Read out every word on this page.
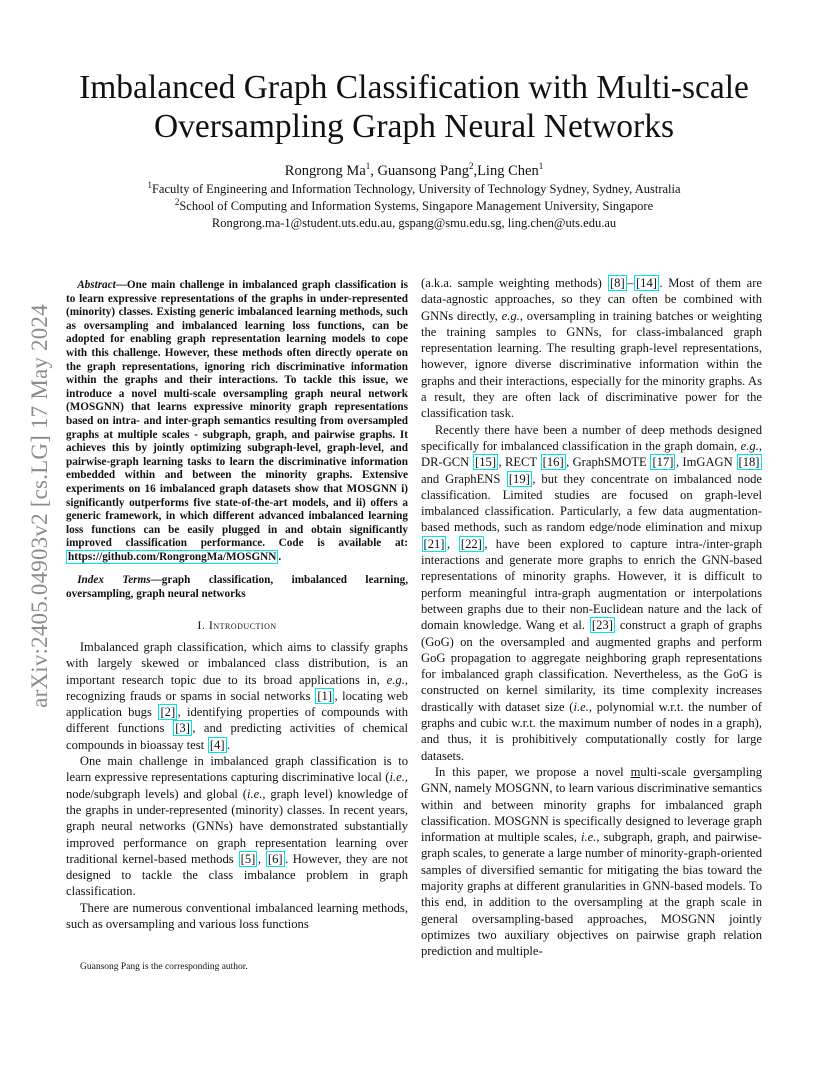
arXiv:2405.04903v2 [cs.LG] 17 May 2024
Imbalanced Graph Classification with Multi-scale
Oversampling Graph Neural Networks
Rongrong Ma$^1$, Guansong Pang$^2$,Ling Chen$^1$
$^1$Faculty of Engineering and Information Technology, University of Technology Sydney, Sydney, Australia
$^2$School of Computing and Information Systems, Singapore Management University, Singapore
Rongrong.ma-1@student.uts.edu.au, gspang@smu.edu.sg, ling.chen@uts.edu.au

Abstract—One main challenge in imbalanced graph classification is to learn expressive representations of the graphs in under-represented (minority) classes. Existing generic imbalanced learning methods, such as oversampling and imbalanced learning loss functions, can be adopted for enabling graph representation learning models to cope with this challenge. However, these methods often directly operate on the graph representations, ignoring rich discriminative information within the graphs and their interactions. To tackle this issue, we introduce a novel multi-scale oversampling graph neural network (MOSGNN) that learns expressive minority graph representations based on intra- and inter-graph semantics resulting from oversampled graphs at multiple scales - subgraph, graph, and pairwise graphs. It achieves this by jointly optimizing subgraph-level, graph-level, and pairwise-graph learning tasks to learn the discriminative information embedded within and between the minority graphs. Extensive experiments on 16 imbalanced graph datasets show that MOSGNN i) significantly outperforms five state-of-the-art models, and ii) offers a generic framework, in which different advanced imbalanced learning loss functions can be easily plugged in and obtain significantly improved classification performance. Code is available at: https://github.com/RongrongMa/MOSGNN .

Index Terms—graph classification, imbalanced learning, oversampling, graph neural networks

I. Introduction

Imbalanced graph classification, which aims to classify graphs with largely skewed or imbalanced class distribution, is an important research topic due to its broad applications in, e.g., recognizing frauds or spams in social networks [1] , locating web application bugs [2] , identifying properties of compounds with different functions [3] , and predicting activities of chemical compounds in bioassay test [4] .

One main challenge in imbalanced graph classification is to learn expressive representations capturing discriminative local (i.e., node/subgraph levels) and global (i.e., graph level) knowledge of the graphs in under-represented (minority) classes. In recent years, graph neural networks (GNNs) have demonstrated substantially improved performance on graph representation learning over traditional kernel-based methods [5] , [6] . However, they are not designed to tackle the class imbalance problem in graph classification.

There are numerous conventional imbalanced learning methods, such as oversampling and various loss functions

Guansong Pang is the corresponding author.

(a.k.a. sample weighting methods) [8] – [14] . Most of them are data-agnostic approaches, so they can often be combined with GNNs directly, e.g., oversampling in training batches or weighting the training samples to GNNs, for class-imbalanced graph representation learning. The resulting graph-level representations, however, ignore diverse discriminative information within the graphs and their interactions, especially for the minority graphs. As a result, they are often lack of discriminative power for the classification task.

Recently there have been a number of deep methods designed specifically for imbalanced classification in the graph domain, e.g., DR-GCN [15] , RECT [16] , GraphSMOTE [17] , ImGAGN [18] and GraphENS [19] , but they concentrate on imbalanced node classification. Limited studies are focused on graph-level imbalanced classification. Particularly, a few data augmentation-based methods, such as random edge/node elimination and mixup [21] , [22] , have been explored to capture intra-/inter-graph interactions and generate more graphs to enrich the GNN-based representations of minority graphs. However, it is difficult to perform meaningful intra-graph augmentation or interpolations between graphs due to their non-Euclidean nature and the lack of domain knowledge. Wang et al. [23] construct a graph of graphs (GoG) on the oversampled and augmented graphs and perform GoG propagation to aggregate neighboring graph representations for imbalanced graph classification. Nevertheless, as the GoG is constructed on kernel similarity, its time complexity increases drastically with dataset size (i.e., polynomial w.r.t. the number of graphs and cubic w.r.t. the maximum number of nodes in a graph), and thus, it is prohibitively computationally costly for large datasets.

In this paper, we propose a novel multi-scale oversampling GNN, namely MOSGNN, to learn various discriminative semantics within and between minority graphs for imbalanced graph classification. MOSGNN is specifically designed to leverage graph information at multiple scales, i.e., subgraph, graph, and pairwise-graph scales, to generate a large number of minority-graph-oriented samples of diversified semantic for mitigating the bias toward the majority graphs at different granularities in GNN-based models. To this end, in addition to the oversampling at the graph scale in general oversampling-based approaches, MOSGNN jointly optimizes two auxiliary objectives on pairwise graph relation prediction and multiple-
